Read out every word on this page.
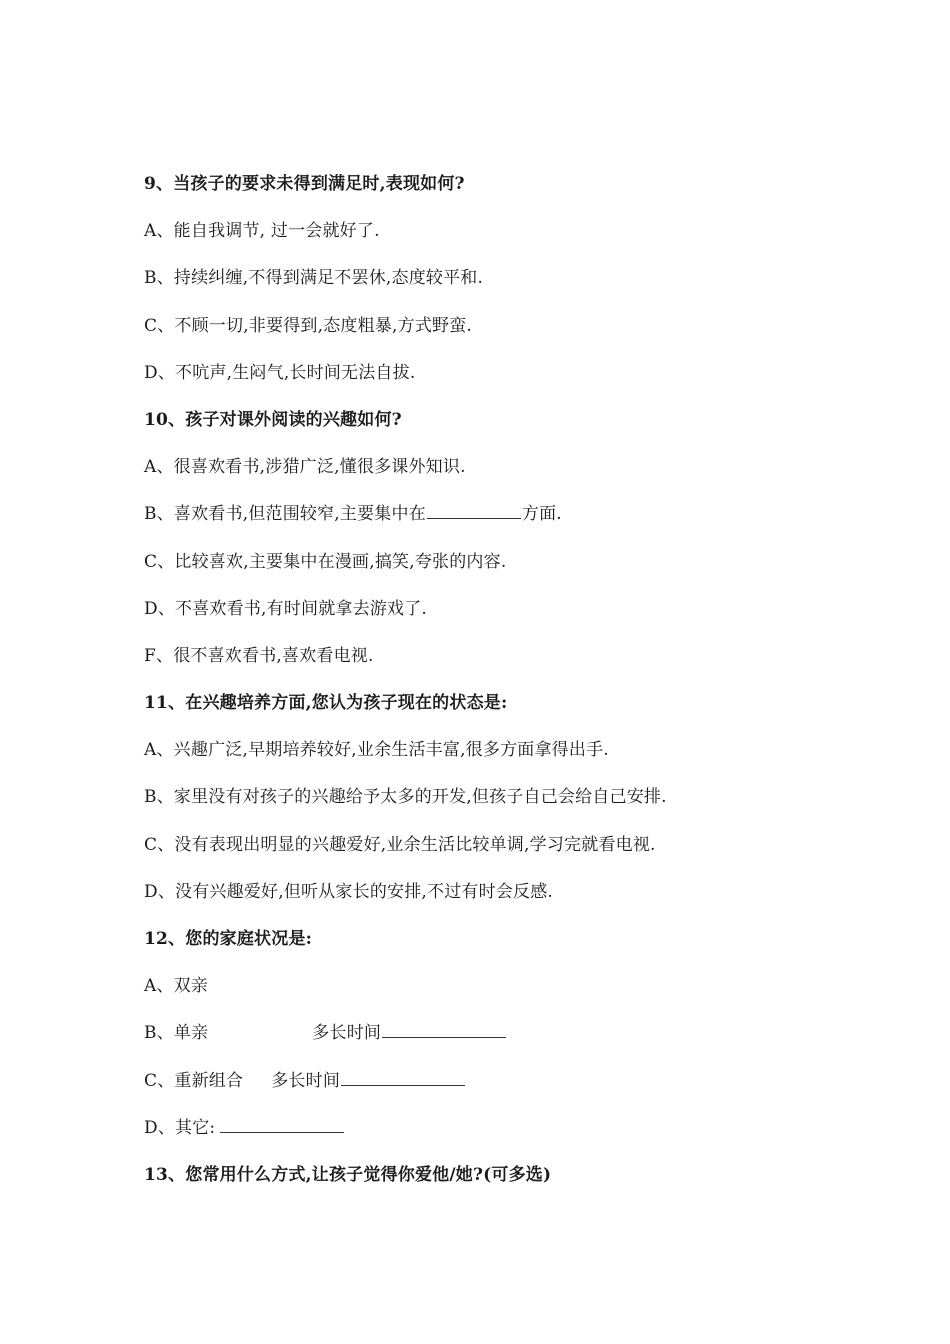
9、当孩子的要求未得到满足时,表现如何?
A、能自我调节, 过一会就好了.
B、持续纠缠,不得到满足不罢休,态度较平和.
C、不顾一切,非要得到,态度粗暴,方式野蛮.
D、不吭声,生闷气,长时间无法自拔.
10、孩子对课外阅读的兴趣如何?
A、很喜欢看书,涉猎广泛,懂很多课外知识.
B、喜欢看书,但范围较窄,主要集中在	方面.
C、比较喜欢,主要集中在漫画,搞笑,夸张的内容.
D、不喜欢看书,有时间就拿去游戏了.
F、很不喜欢看书,喜欢看电视.
11、在兴趣培养方面,您认为孩子现在的状态是:
A、兴趣广泛,早期培养较好,业余生活丰富,很多方面拿得出手.
B、家里没有对孩子的兴趣给予太多的开发,但孩子自己会给自己安排.
C、没有表现出明显的兴趣爱好,业余生活比较单调,学习完就看电视.
D、没有兴趣爱好,但听从家长的安排,不过有时会反感.
12、您的家庭状况是:
A、双亲
B、单亲	多长时间
C、重新组合 多长时间
D、其它:
13、您常用什么方式,让孩子觉得你爱他/她?(可多选)
